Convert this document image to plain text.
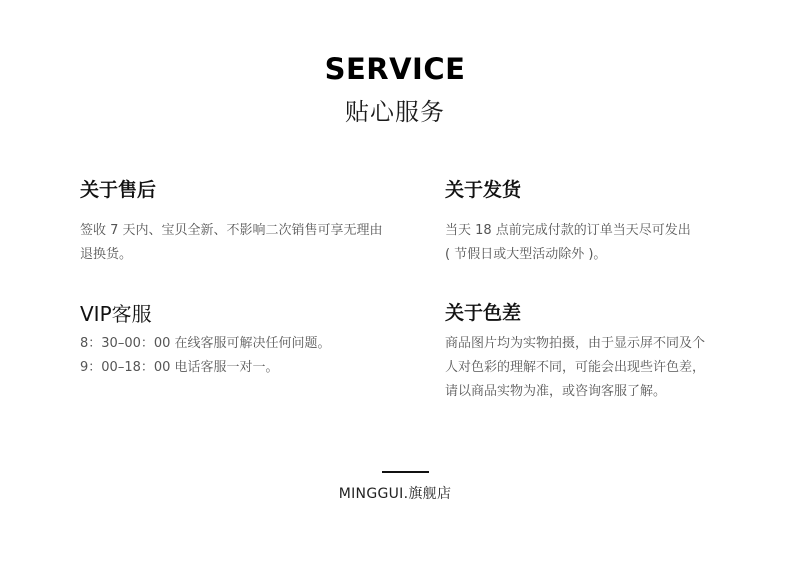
SERVICE
贴心服务
关于售后

签收 7 天内、宝贝全新、不影响二次销售可享无理由
退换货。

关于发货

当天 18 点前完成付款的订单当天尽可发出
( 节假日或大型活动除外 )。

VIP客服

8：30–00：00 在线客服可解决任何问题。
9：00–18：00 电话客服一对一。

关于色差

商品图片均为实物拍摄，由于显示屏不同及个
人对色彩的理解不同，可能会出现些许色差，
请以商品实物为准，或咨询客服了解。

MINGGUI.旗舰店
